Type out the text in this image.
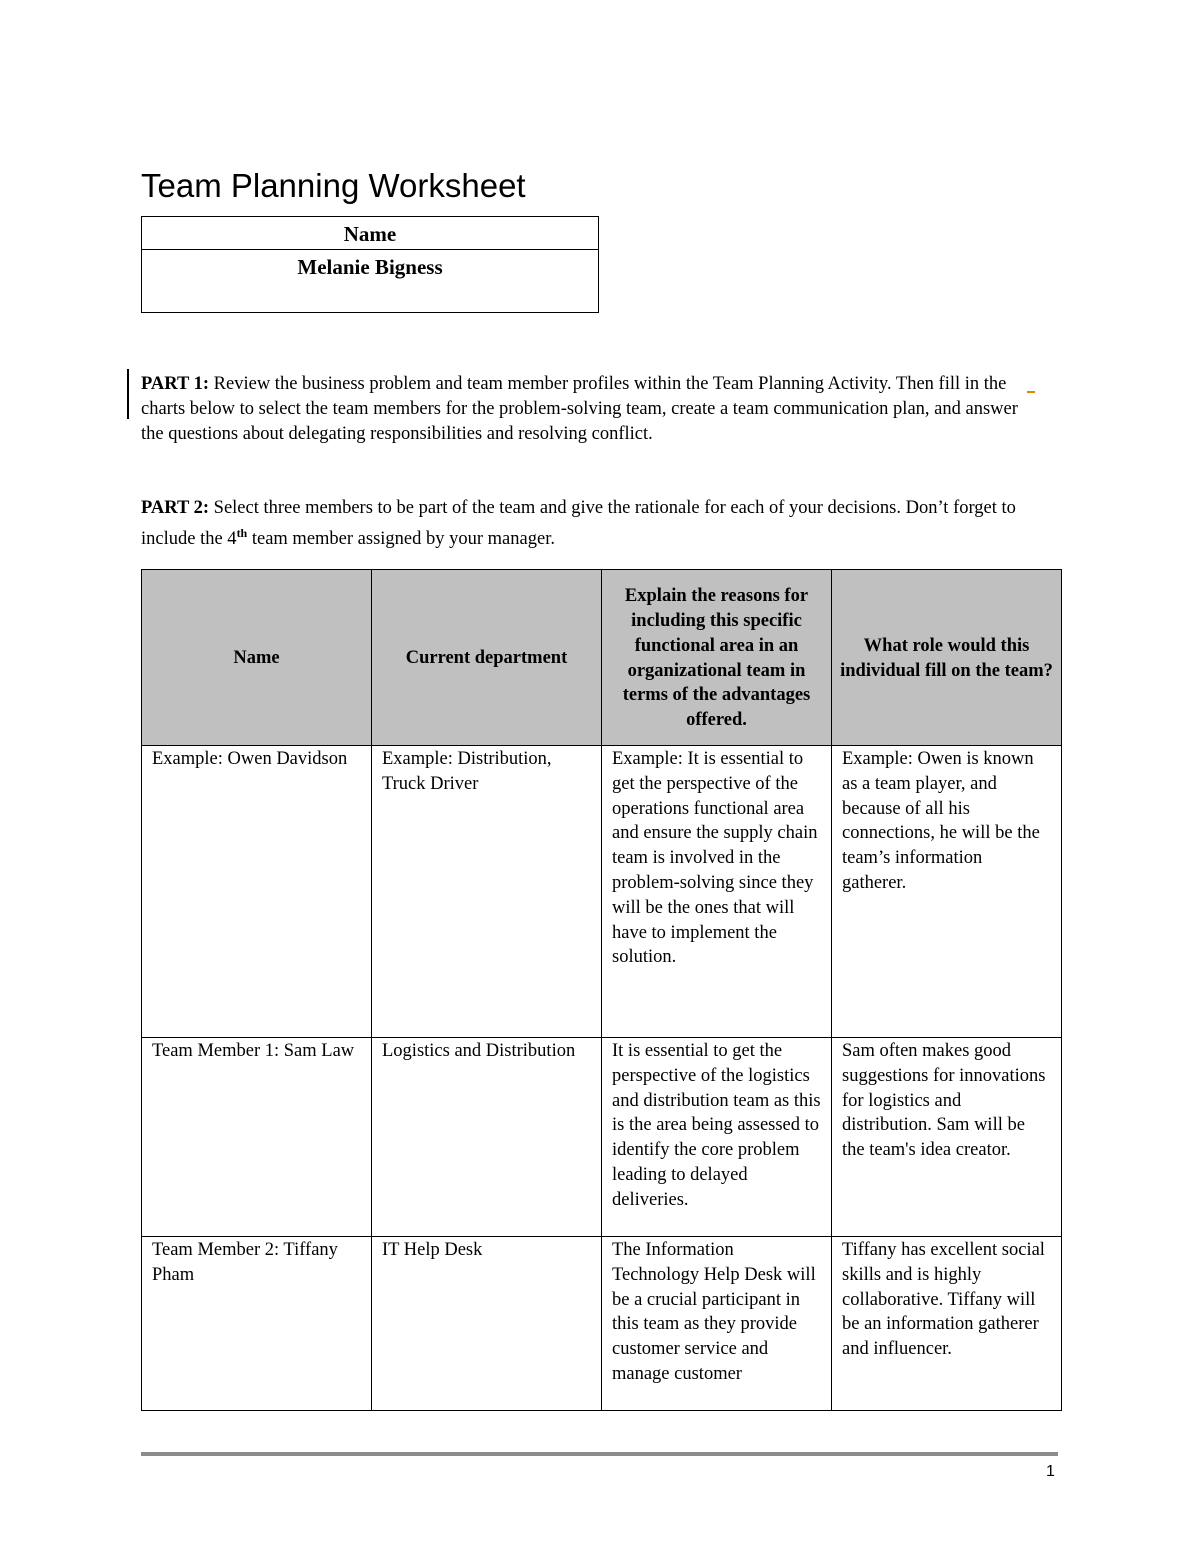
Team Planning Worksheet
Name
Melanie Bigness

PART 1: Review the business problem and team member profiles within the Team Planning Activity. Then fill in the charts below to select the team members for the problem-solving team, create a team communication plan, and answer the questions about delegating responsibilities and resolving conflict.

PART 2: Select three members to be part of the team and give the rationale for each of your decisions. Don’t forget to include the 4th team member assigned by your manager.

Name	Current department	Explain the reasons for including this specific functional area in an organizational team in terms of the advantages offered.	What role would this individual fill on the team?
Example: Owen Davidson	Example: Distribution, Truck Driver	Example: It is essential to get the perspective of the operations functional area and ensure the supply chain team is involved in the problem-solving since they will be the ones that will have to implement the solution.	Example: Owen is known as a team player, and because of all his connections, he will be the team’s information gatherer.
Team Member 1: Sam Law	Logistics and Distribution	It is essential to get the perspective of the logistics and distribution team as this is the area being assessed to identify the core problem leading to delayed deliveries.	Sam often makes good suggestions for innovations for logistics and distribution. Sam will be the team's idea creator.
Team Member 2: Tiffany Pham	IT Help Desk	The Information Technology Help Desk will be a crucial participant in this team as they provide customer service and manage customer	Tiffany has excellent social skills and is highly collaborative. Tiffany will be an information gatherer and influencer.
1
